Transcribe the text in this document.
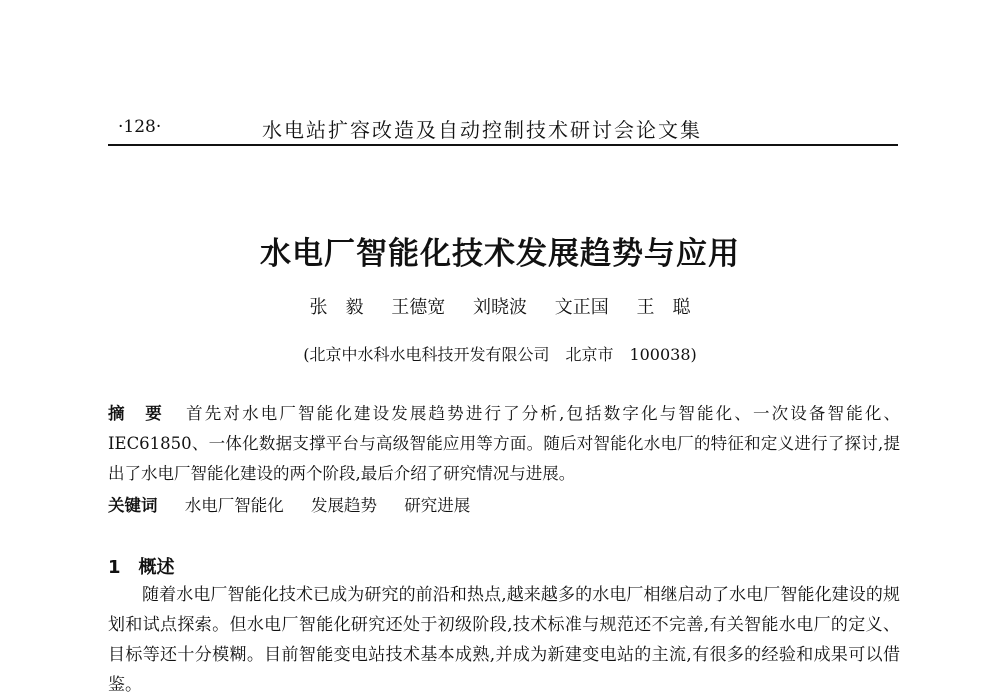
·128·	水电站扩容改造及自动控制技术研讨会论文集
水电厂智能化技术发展趋势与应用
张　毅 王德宽 刘晓波 文正国 王　聪
(北京中水科水电科技开发有限公司　北京市　100038)
摘　要 首先对水电厂智能化建设发展趋势进行了分析,包括数字化与智能化、一次设备智能化、IEC61850、一体化数据支撑平台与高级智能应用等方面。随后对智能化水电厂的特征和定义进行了探讨,提出了水电厂智能化建设的两个阶段,最后介绍了研究情况与进展。
关键词 水电厂智能化 发展趋势 研究进展
1 概述
随着水电厂智能化技术已成为研究的前沿和热点,越来越多的水电厂相继启动了水电厂智能化建设的规划和试点探索。但水电厂智能化研究还处于初级阶段,技术标准与规范还不完善,有关智能水电厂的定义、目标等还十分模糊。目前智能变电站技术基本成熟,并成为新建变电站的主流,有很多的经验和成果可以借鉴。
